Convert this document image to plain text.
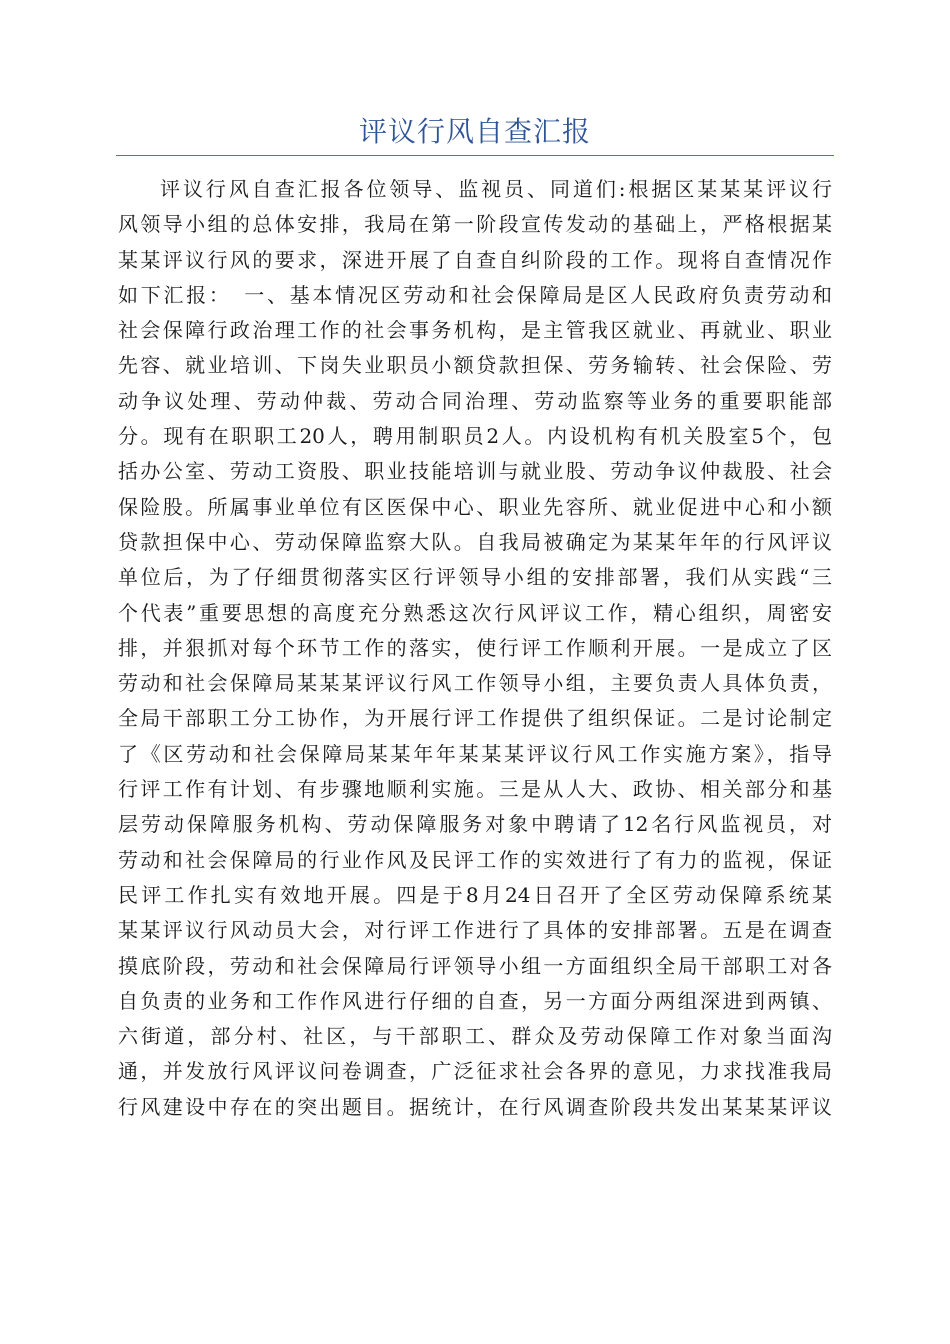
评议行风自查汇报
评议行风自查汇报各位领导、监视员、同道们:根据区某某某评议行
风领导小组的总体安排，我局在第一阶段宣传发动的基础上，严格根据某
某某评议行风的要求，深进开展了自查自纠阶段的工作。现将自查情况作
如下汇报：　一、基本情况区劳动和社会保障局是区人民政府负责劳动和
社会保障行政治理工作的社会事务机构，是主管我区就业、再就业、职业
先容、就业培训、下岗失业职员小额贷款担保、劳务输转、社会保险、劳
动争议处理、劳动仲裁、劳动合同治理、劳动监察等业务的重要职能部
分。现有在职职工20人，聘用制职员2人。内设机构有机关股室5个，包
括办公室、劳动工资股、职业技能培训与就业股、劳动争议仲裁股、社会
保险股。所属事业单位有区医保中心、职业先容所、就业促进中心和小额
贷款担保中心、劳动保障监察大队。自我局被确定为某某年年的行风评议
单位后，为了仔细贯彻落实区行评领导小组的安排部署，我们从实践“三
个代表”重要思想的高度充分熟悉这次行风评议工作，精心组织，周密安
排，并狠抓对每个环节工作的落实，使行评工作顺利开展。一是成立了区
劳动和社会保障局某某某评议行风工作领导小组，主要负责人具体负责，
全局干部职工分工协作，为开展行评工作提供了组织保证。二是讨论制定
了《区劳动和社会保障局某某年年某某某评议行风工作实施方案》，指导
行评工作有计划、有步骤地顺利实施。三是从人大、政协、相关部分和基
层劳动保障服务机构、劳动保障服务对象中聘请了12名行风监视员，对
劳动和社会保障局的行业作风及民评工作的实效进行了有力的监视，保证
民评工作扎实有效地开展。四是于8月24日召开了全区劳动保障系统某
某某评议行风动员大会，对行评工作进行了具体的安排部署。五是在调查
摸底阶段，劳动和社会保障局行评领导小组一方面组织全局干部职工对各
自负责的业务和工作作风进行仔细的自查，另一方面分两组深进到两镇、
六街道，部分村、社区，与干部职工、群众及劳动保障工作对象当面沟
通，并发放行风评议问卷调查，广泛征求社会各界的意见，力求找准我局
行风建设中存在的突出题目。据统计，在行风调查阶段共发出某某某评议
